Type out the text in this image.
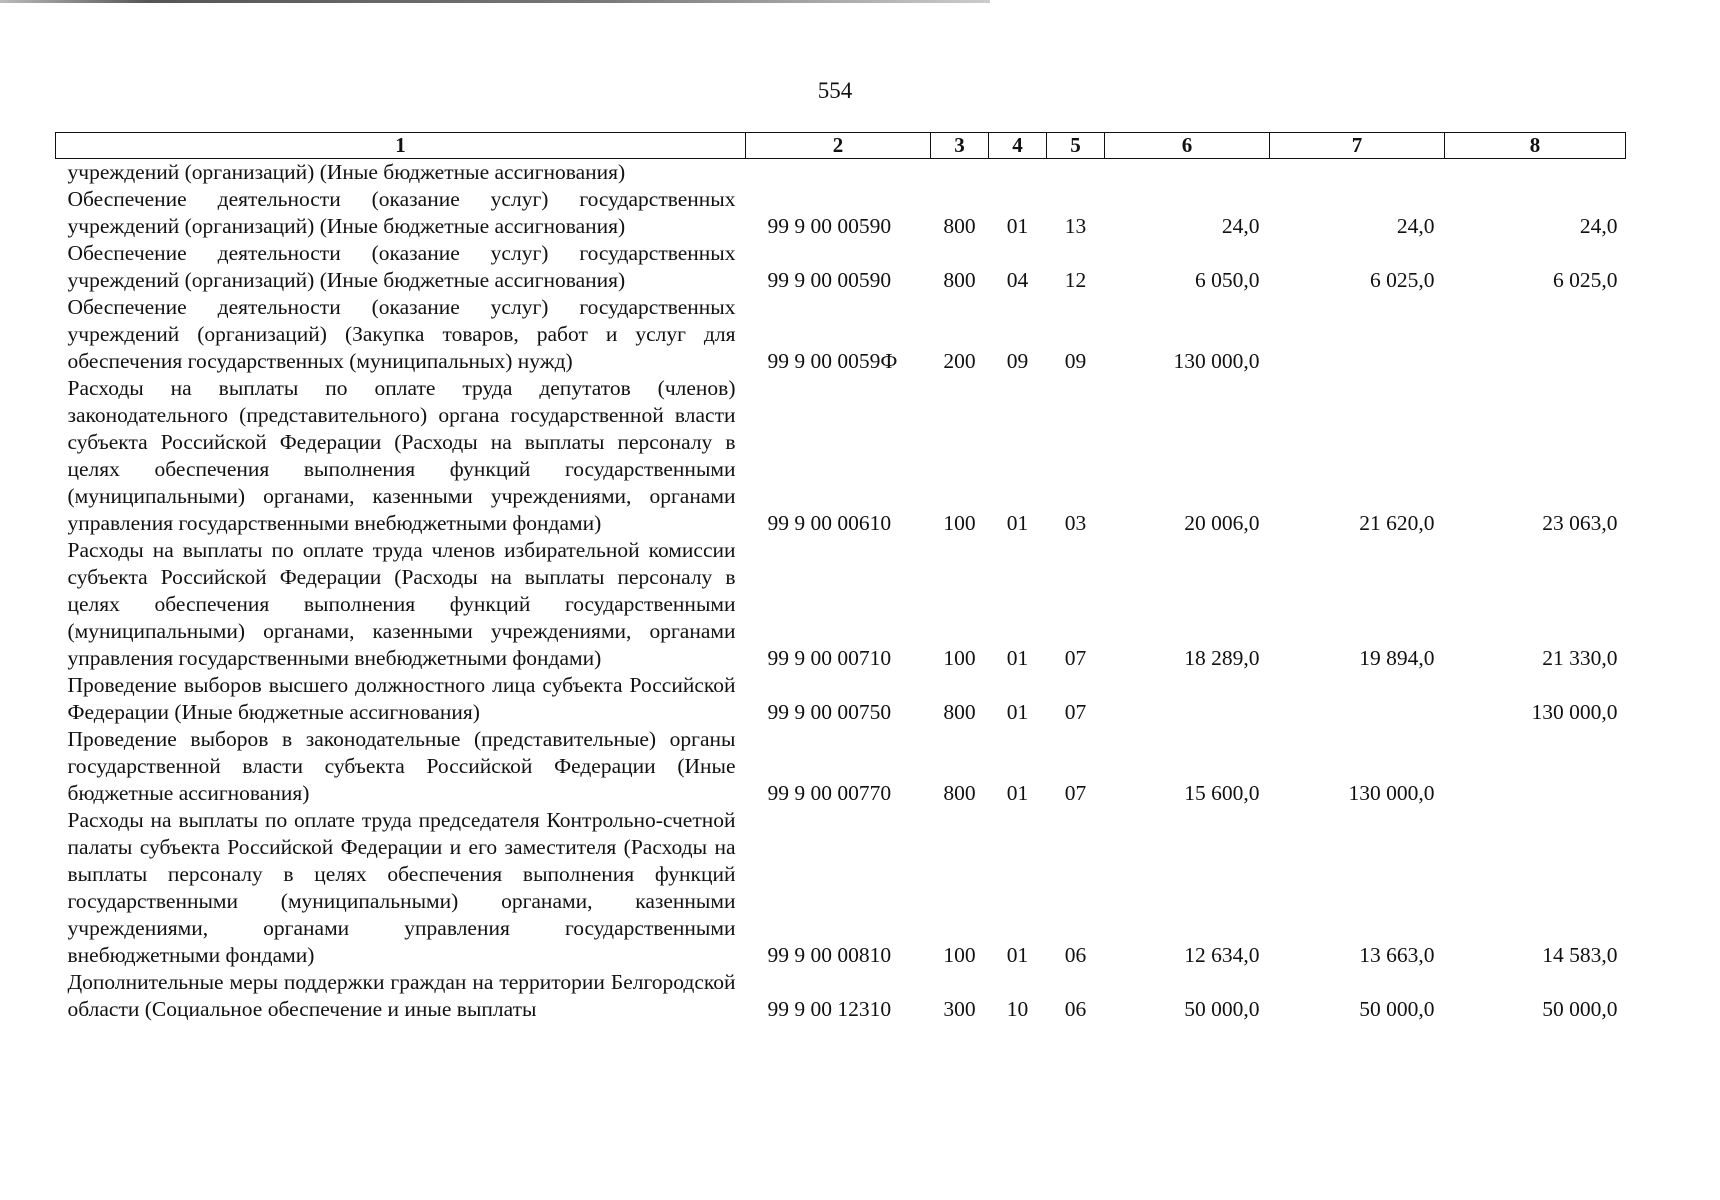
554
1	2	3	4	5	6	7	8
учреждений (организаций) (Иные бюджетные ассигнования)							
Обеспечение деятельности (оказание услуг) государственных учреждений (организаций) (Иные бюджетные ассигнования)	99 9 00 00590	800	01	13	24,0	24,0	24,0
Обеспечение деятельности (оказание услуг) государственных учреждений (организаций) (Иные бюджетные ассигнования)	99 9 00 00590	800	04	12	6 050,0	6 025,0	6 025,0
Обеспечение деятельности (оказание услуг) государственных учреждений (организаций) (Закупка товаров, работ и услуг для обеспечения государственных (муниципальных) нужд)	99 9 00 0059Ф	200	09	09	130 000,0		
Расходы на выплаты по оплате труда депутатов (членов) законодательного (представительного) органа государственной власти субъекта Российской Федерации (Расходы на выплаты персоналу в целях обеспечения выполнения функций государственными (муниципальными) органами, казенными учреждениями, органами управления государственными внебюджетными фондами)	99 9 00 00610	100	01	03	20 006,0	21 620,0	23 063,0
Расходы на выплаты по оплате труда членов избирательной комиссии субъекта Российской Федерации (Расходы на выплаты персоналу в целях обеспечения выполнения функций государственными (муниципальными) органами, казенными учреждениями, органами управления государственными внебюджетными фондами)	99 9 00 00710	100	01	07	18 289,0	19 894,0	21 330,0
Проведение выборов высшего должностного лица субъекта Российской Федерации (Иные бюджетные ассигнования)	99 9 00 00750	800	01	07			130 000,0
Проведение выборов в законодательные (представительные) органы государственной власти субъекта Российской Федерации (Иные бюджетные ассигнования)	99 9 00 00770	800	01	07	15 600,0	130 000,0	
Расходы на выплаты по оплате труда председателя Контрольно-счетной палаты субъекта Российской Федерации и его заместителя (Расходы на выплаты персоналу в целях обеспечения выполнения функций государственными (муниципальными) органами, казенными учреждениями, органами управления государственными внебюджетными фондами)	99 9 00 00810	100	01	06	12 634,0	13 663,0	14 583,0
Дополнительные меры поддержки граждан на территории Белгородской области (Социальное обеспечение и иные выплаты	99 9 00 12310	300	10	06	50 000,0	50 000,0	50 000,0
